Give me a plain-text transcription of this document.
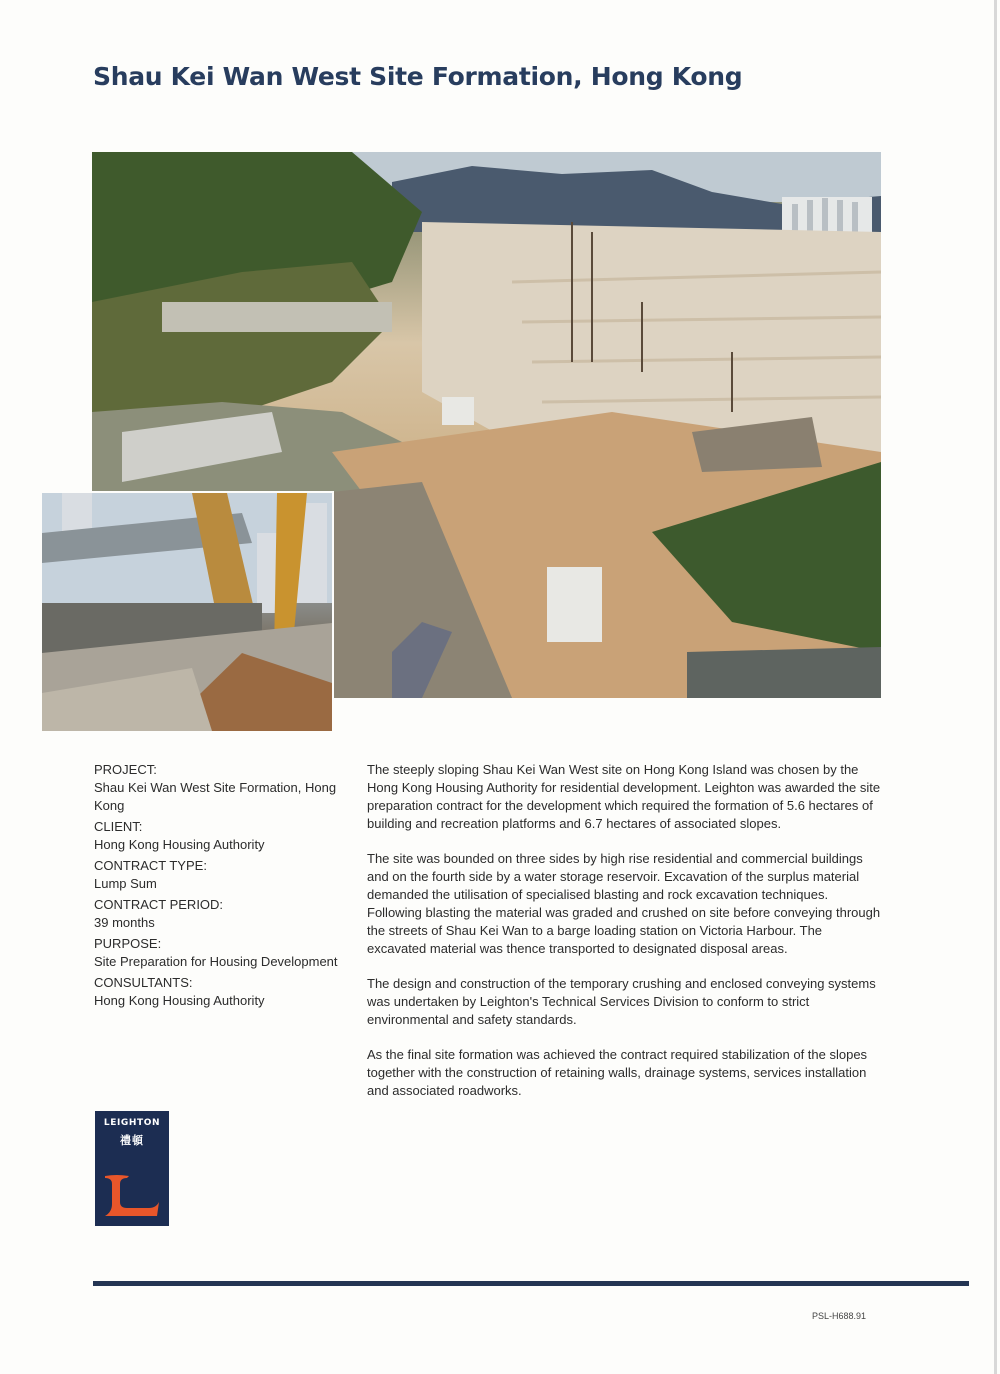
Shau Kei Wan West Site Formation, Hong Kong
PROJECT:
Shau Kei Wan West Site Formation, Hong Kong
CLIENT:
Hong Kong Housing Authority
CONTRACT TYPE:
Lump Sum
CONTRACT PERIOD:
39 months
PURPOSE:
Site Preparation for Housing Development
CONSULTANTS:
Hong Kong Housing Authority

The steeply sloping Shau Kei Wan West site on Hong Kong Island was chosen by the Hong Kong Housing Authority for residential development. Leighton was awarded the site preparation contract for the development which required the formation of 5.6 hectares of building and recreation platforms and 6.7 hectares of associated slopes.

The site was bounded on three sides by high rise residential and commercial buildings and on the fourth side by a water storage reservoir. Excavation of the surplus material demanded the utilisation of specialised blasting and rock excavation techniques. Following blasting the material was graded and crushed on site before conveying through the streets of Shau Kei Wan to a barge loading station on Victoria Harbour. The excavated material was thence transported to designated disposal areas.

The design and construction of the temporary crushing and enclosed conveying systems was undertaken by Leighton's Technical Services Division to conform to strict environmental and safety standards.

As the final site formation was achieved the contract required stabilization of the slopes together with the construction of retaining walls, drainage systems, services installation and associated roadworks.

LEIGHTON
禮頓
PSL-H688.91
